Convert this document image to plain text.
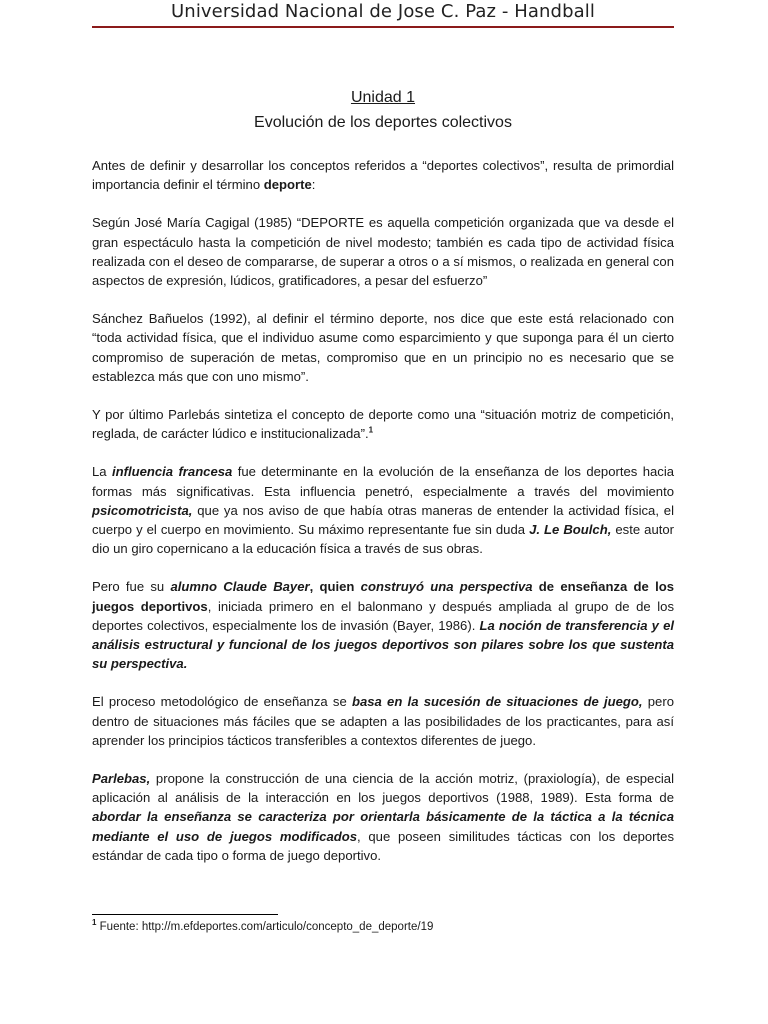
Universidad Nacional de Jose C. Paz - Handball

Unidad 1

Evolución de los deportes colectivos

Antes de definir y desarrollar los conceptos referidos a “deportes colectivos”, resulta de primordial importancia definir el término deporte:

Según José María Cagigal (1985) “DEPORTE es aquella competición organizada que va desde el gran espectáculo hasta la competición de nivel modesto; también es cada tipo de actividad física realizada con el deseo de compararse, de superar a otros o a sí mismos, o realizada en general con aspectos de expresión, lúdicos, gratificadores, a pesar del esfuerzo”

Sánchez Bañuelos (1992), al definir el término deporte, nos dice que este está relacionado con “toda actividad física, que el individuo asume como esparcimiento y que suponga para él un cierto compromiso de superación de metas, compromiso que en un principio no es necesario que se establezca más que con uno mismo”.

Y por último Parlebás sintetiza el concepto de deporte como una “situación motriz de competición, reglada, de carácter lúdico e institucionalizada”.$^1$

La influencia francesa fue determinante en la evolución de la enseñanza de los deportes hacia formas más significativas. Esta influencia penetró, especialmente a través del movimiento psicomotricista, que ya nos aviso de que había otras maneras de entender la actividad física, el cuerpo y el cuerpo en movimiento. Su máximo representante fue sin duda J. Le Boulch, este autor dio un giro copernicano a la educación física a través de sus obras.

Pero fue su alumno Claude Bayer, quien construyó una perspectiva de enseñanza de los juegos deportivos, iniciada primero en el balonmano y después ampliada al grupo de de los deportes colectivos, especialmente los de invasión (Bayer, 1986). La noción de transferencia y el análisis estructural y funcional de los juegos deportivos son pilares sobre los que sustenta su perspectiva.

El proceso metodológico de enseñanza se basa en la sucesión de situaciones de juego, pero dentro de situaciones más fáciles que se adapten a las posibilidades de los practicantes, para así aprender los principios tácticos transferibles a contextos diferentes de juego.

Parlebas, propone la construcción de una ciencia de la acción motriz, (praxiología), de especial aplicación al análisis de la interacción en los juegos deportivos (1988, 1989). Esta forma de abordar la enseñanza se caracteriza por orientarla básicamente de la táctica a la técnica mediante el uso de juegos modificados, que poseen similitudes tácticas con los deportes estándar de cada tipo o forma de juego deportivo.

$^1$ Fuente: http://m.efdeportes.com/articulo/concepto_de_deporte/19
